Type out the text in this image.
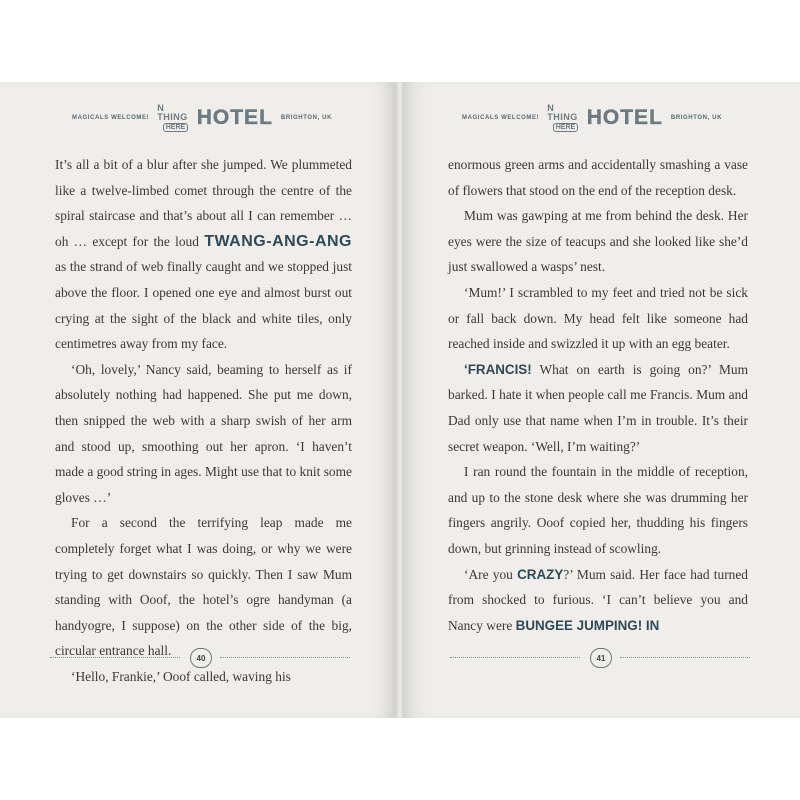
MAGICALS WELCOME!
N THING
HERE HOTEL BRIGHTON, UK

It’s all a bit of a blur after she jumped. We plummeted like a twelve-limbed comet through the centre of the spiral staircase and that’s about all I can remember … oh … except for the loud TWANG-ANG-ANG as the strand of web finally caught and we stopped just above the floor. I opened one eye and almost burst out crying at the sight of the black and white tiles, only centimetres away from my face.

‘Oh, lovely,’ Nancy said, beaming to herself as if absolutely nothing had happened. She put me down, then snipped the web with a sharp swish of her arm and stood up, smoothing out her apron. ‘I haven’t made a good string in ages. Might use that to knit some gloves …’

For a second the terrifying leap made me completely forget what I was doing, or why we were trying to get downstairs so quickly. Then I saw Mum standing with Ooof, the hotel’s ogre handyman (a handyogre, I suppose) on the other side of the big, circular entrance hall.

‘Hello, Frankie,’ Ooof called, waving his

40
MAGICALS WELCOME!
N THING
HERE HOTEL BRIGHTON, UK

enormous green arms and accidentally smashing a vase of flowers that stood on the end of the reception desk.

Mum was gawping at me from behind the desk. Her eyes were the size of teacups and she looked like she’d just swallowed a wasps’ nest.

‘Mum!’ I scrambled to my feet and tried not be sick or fall back down. My head felt like someone had reached inside and swizzled it up with an egg beater.

‘FRANCIS! What on earth is going on?’ Mum barked. I hate it when people call me Francis. Mum and Dad only use that name when I’m in trouble. It’s their secret weapon. ‘Well, I’m waiting?’

I ran round the fountain in the middle of reception, and up to the stone desk where she was drumming her fingers angrily. Ooof copied her, thudding his fingers down, but grinning instead of scowling.

‘Are you CRAZY?’ Mum said. Her face had turned from shocked to furious. ‘I can’t believe you and Nancy were BUNGEE JUMPING! IN

41
